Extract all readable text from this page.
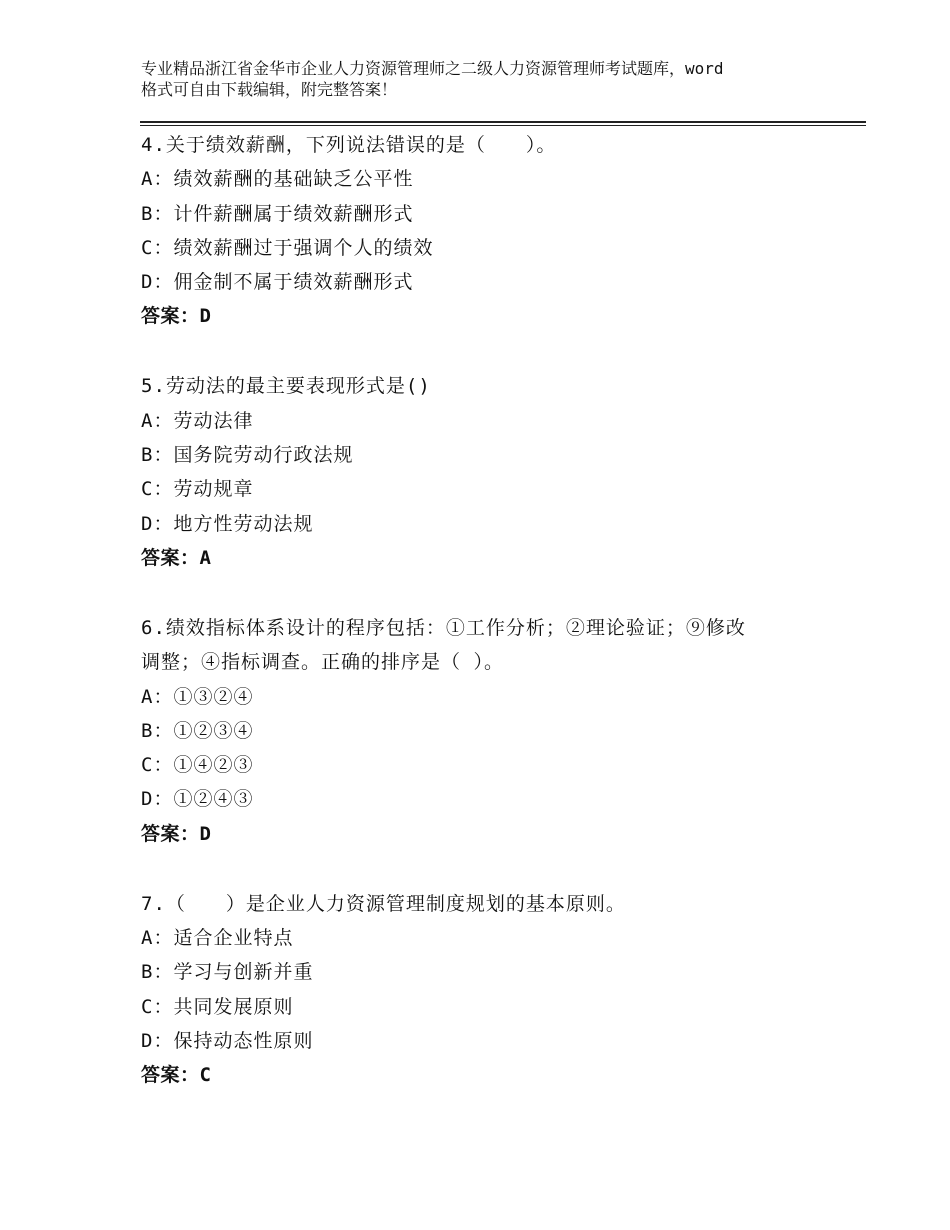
专业精品浙江省金华市企业人力资源管理师之二级人力资源管理师考试题库，word
格式可自由下载编辑，附完整答案！
4.关于绩效薪酬，下列说法错误的是（　　）。
A：绩效薪酬的基础缺乏公平性
B：计件薪酬属于绩效薪酬形式
C：绩效薪酬过于强调个人的绩效
D：佣金制不属于绩效薪酬形式
答案：D
5.劳动法的最主要表现形式是()
A：劳动法律
B：国务院劳动行政法规
C：劳动规章
D：地方性劳动法规
答案：A
6.绩效指标体系设计的程序包括：①工作分析；②理论验证；⑨修改
调整；④指标调查。正确的排序是（ ）。
A：①③②④
B：①②③④
C：①④②③
D：①②④③
答案：D
7.（　　）是企业人力资源管理制度规划的基本原则。
A：适合企业特点
B：学习与创新并重
C：共同发展原则
D：保持动态性原则
答案：C
